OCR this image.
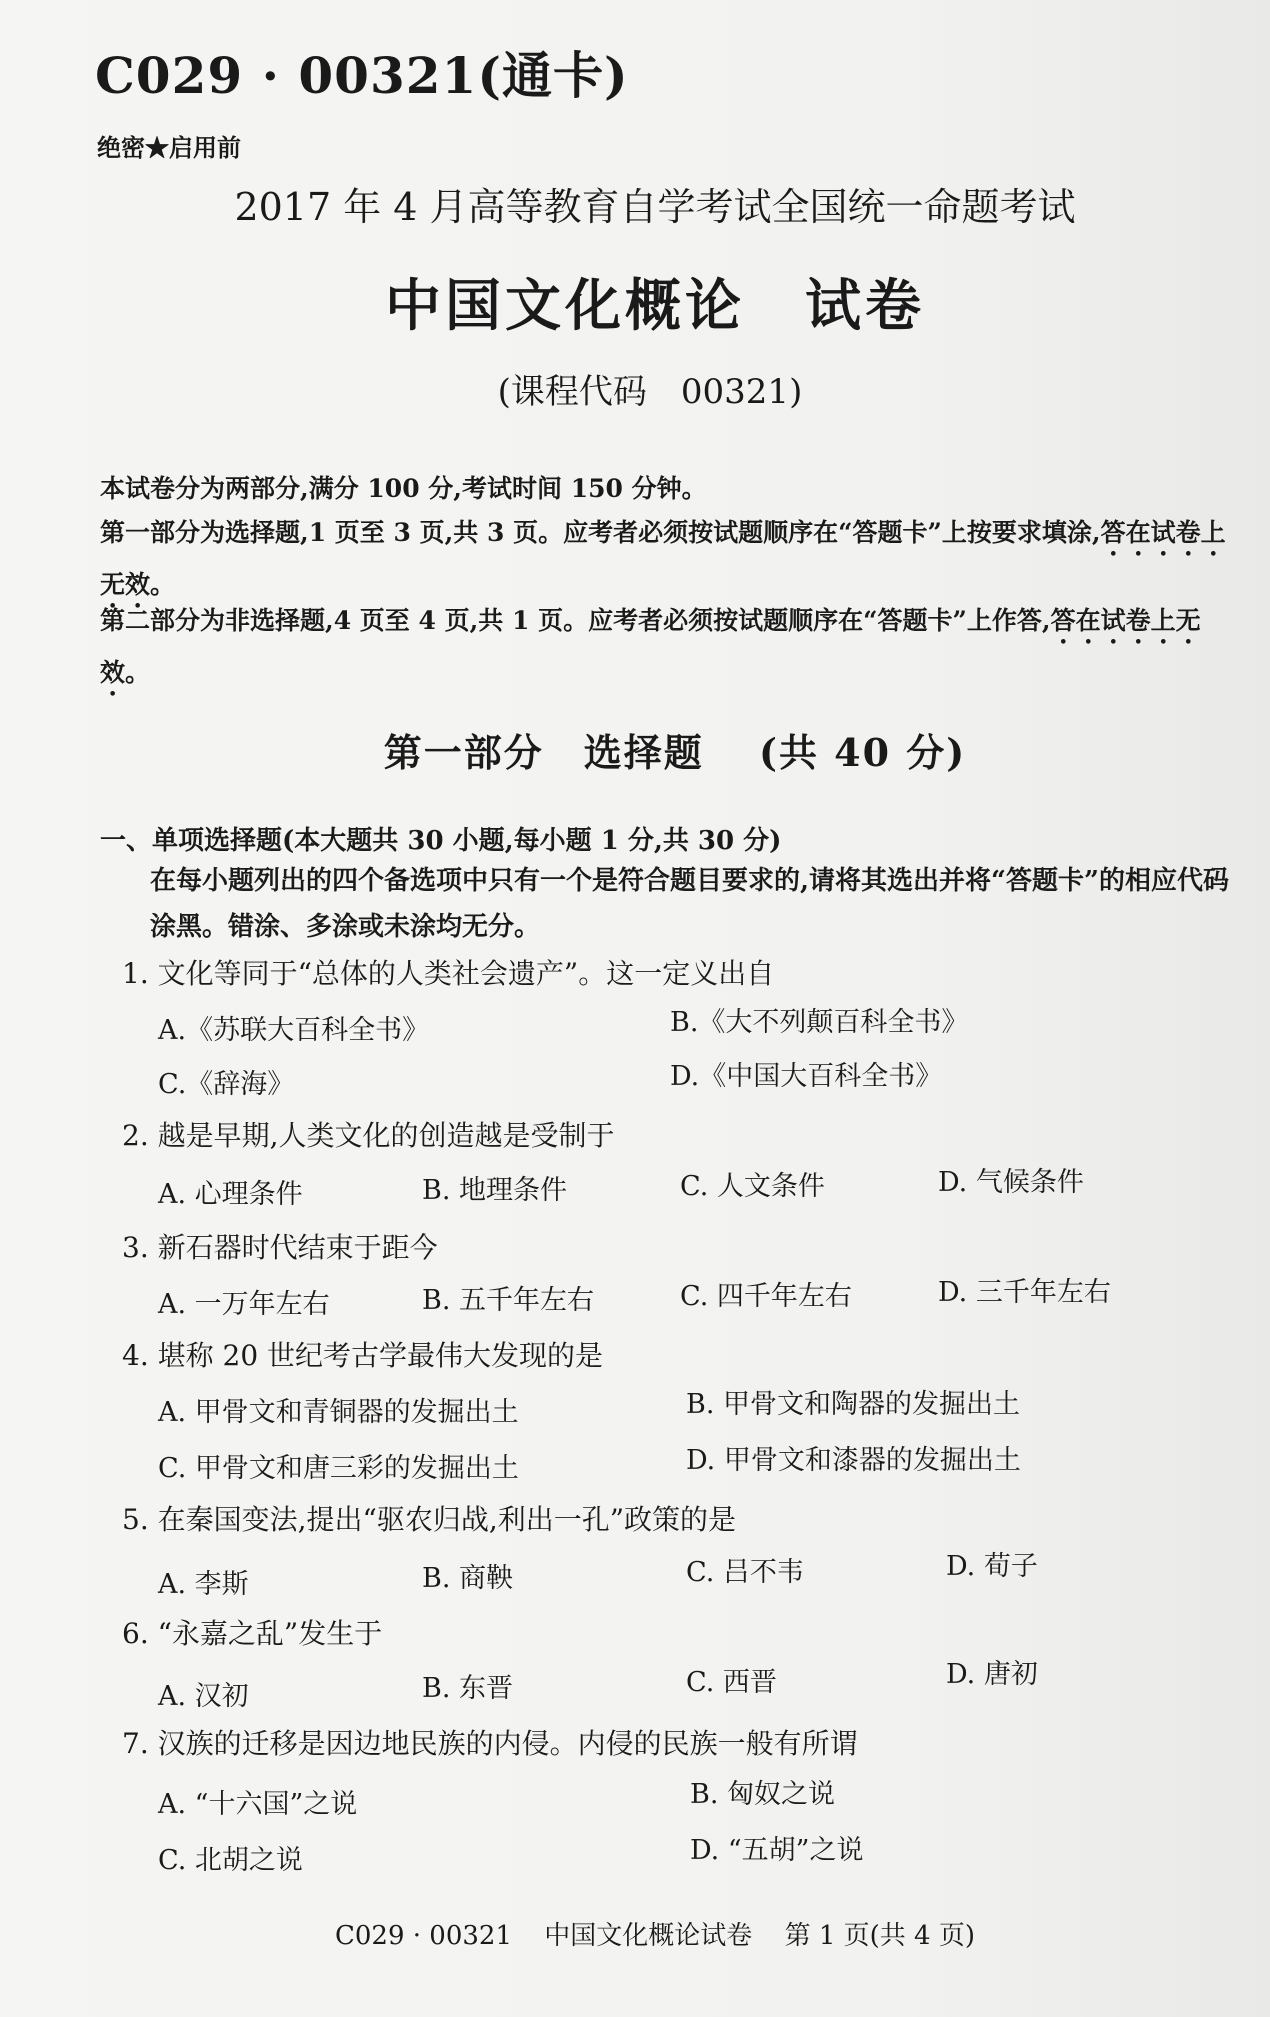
C029 · 00321(通卡)
绝密★启用前
2017 年 4 月高等教育自学考试全国统一命题考试
中国文化概论　试卷
(课程代码　00321)
本试卷分为两部分,满分 100 分,考试时间 150 分钟。
第一部分为选择题,1 页至 3 页,共 3 页。应考者必须按试题顺序在“答题卡”上按要求填涂,答在试卷上无效。
第二部分为非选择题,4 页至 4 页,共 1 页。应考者必须按试题顺序在“答题卡”上作答,答在试卷上无效。
第一部分　选择题　 (共 40 分)
一、单项选择题(本大题共 30 小题,每小题 1 分,共 30 分)
在每小题列出的四个备选项中只有一个是符合题目要求的,请将其选出并将“答题卡”的相应代码涂黑。错涂、多涂或未涂均无分。
1. 文化等同于“总体的人类社会遗产”。这一定义出自
A.《苏联大百科全书》	B.《大不列颠百科全书》
C.《辞海》	D.《中国大百科全书》
2. 越是早期,人类文化的创造越是受制于
A. 心理条件	B. 地理条件	C. 人文条件	D. 气候条件
3. 新石器时代结束于距今
A. 一万年左右	B. 五千年左右	C. 四千年左右	D. 三千年左右
4. 堪称 20 世纪考古学最伟大发现的是
A. 甲骨文和青铜器的发掘出土	B. 甲骨文和陶器的发掘出土
C. 甲骨文和唐三彩的发掘出土	D. 甲骨文和漆器的发掘出土
5. 在秦国变法,提出“驱农归战,利出一孔”政策的是
A. 李斯	B. 商鞅	C. 吕不韦	D. 荀子
6. “永嘉之乱”发生于
A. 汉初	B. 东晋	C. 西晋	D. 唐初
7. 汉族的迁移是因边地民族的内侵。内侵的民族一般有所谓
A. “十六国”之说	B. 匈奴之说
C. 北胡之说	D. “五胡”之说
C029 · 00321 中国文化概论试卷 第 1 页(共 4 页)
